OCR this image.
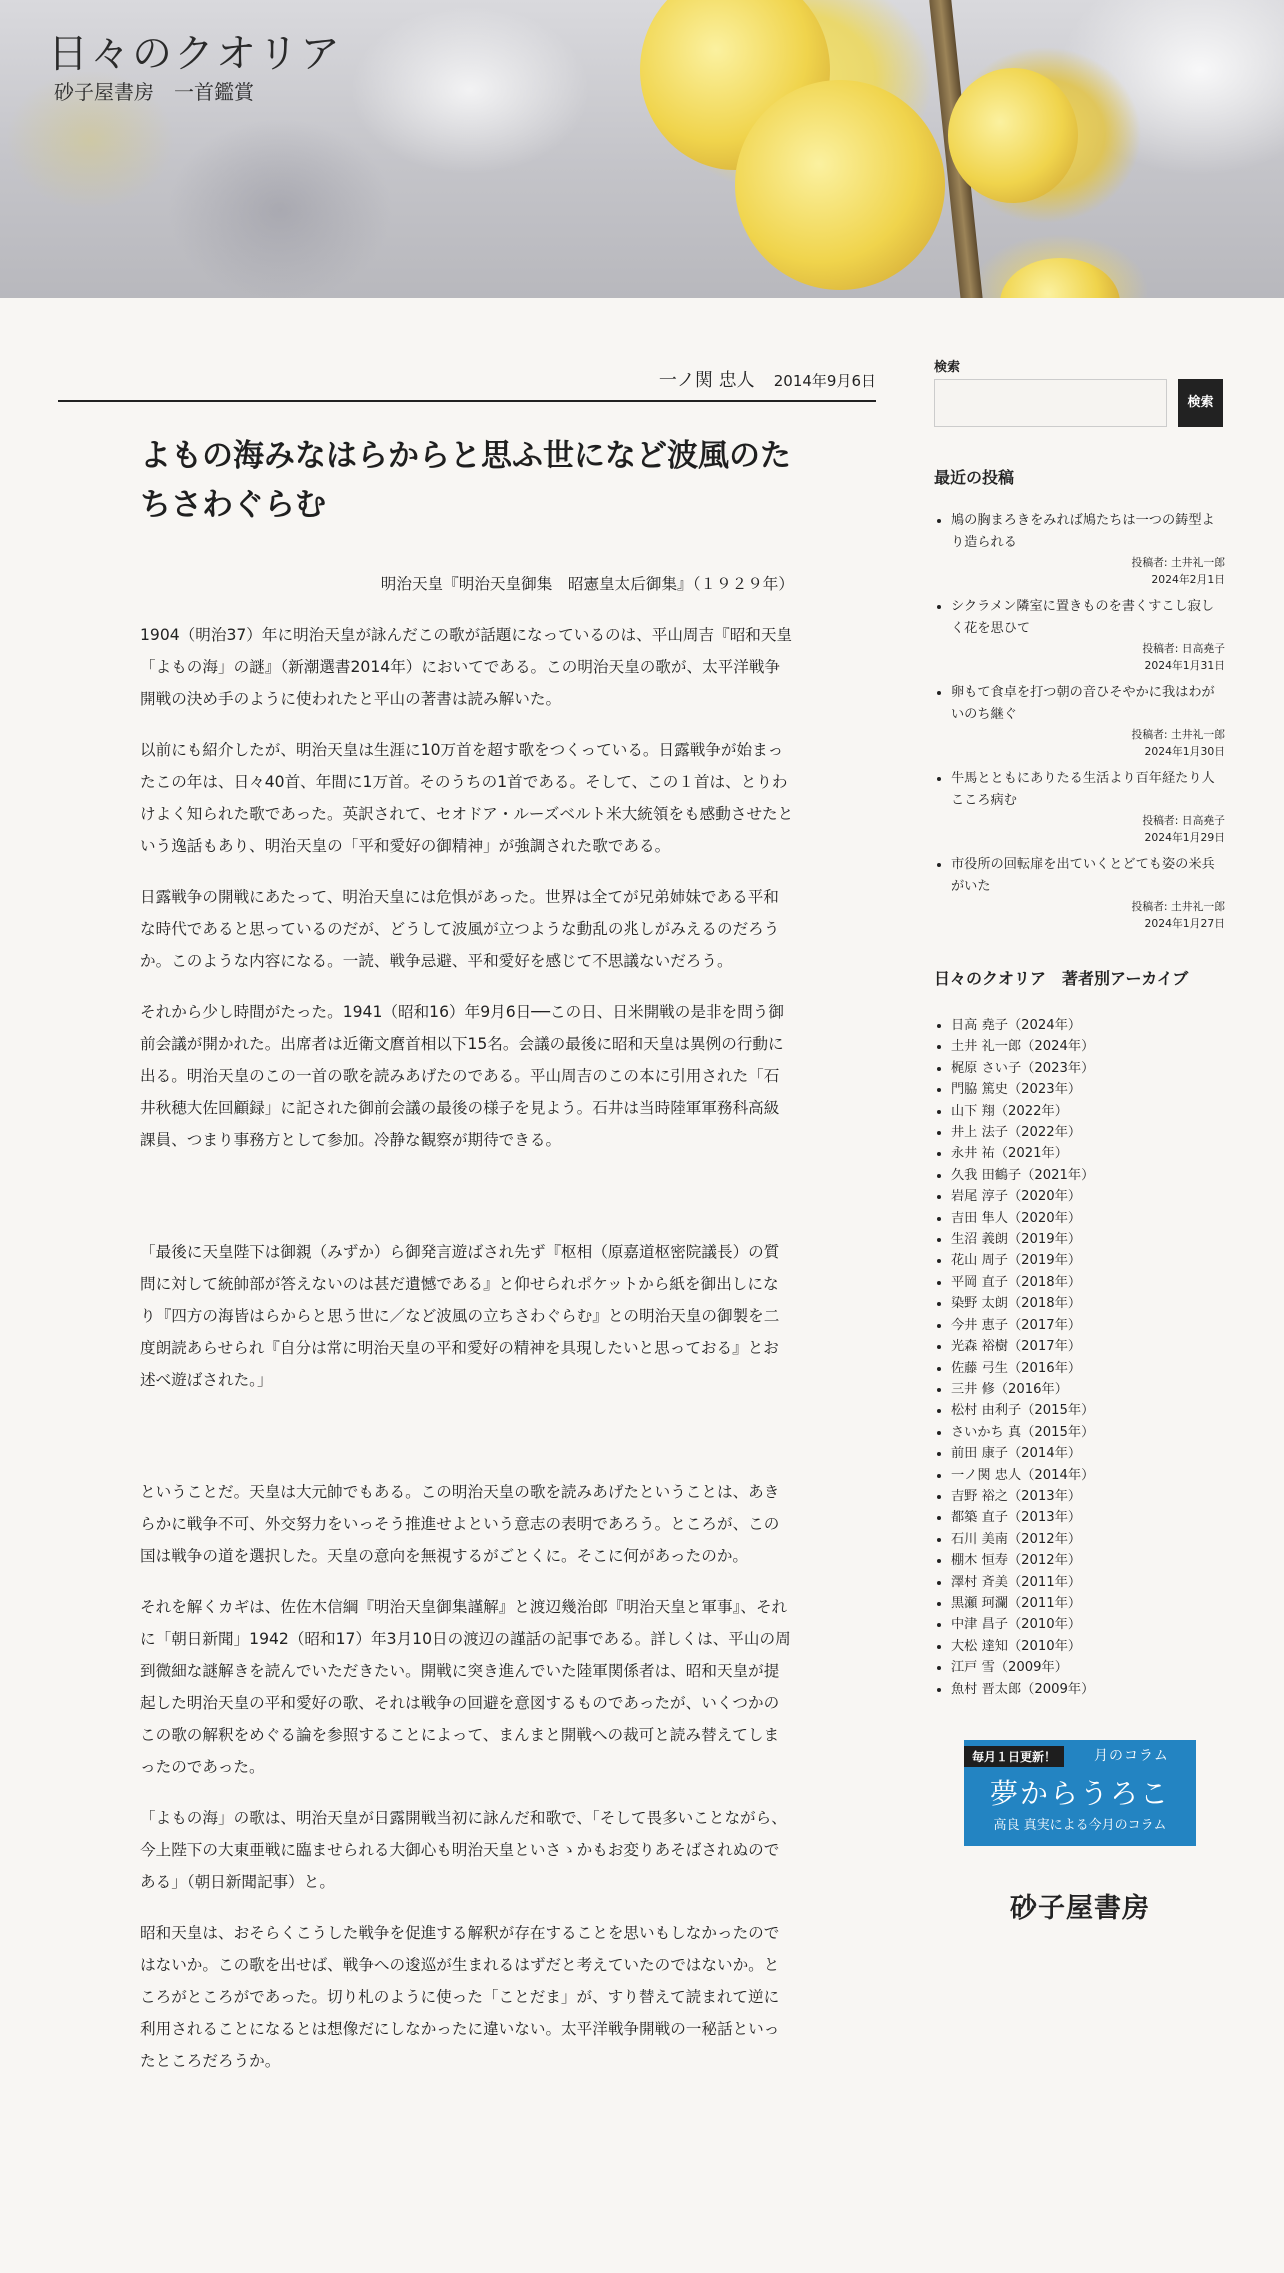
日々のクオリア

砂子屋書房　一首鑑賞

一ノ関 忠人 2014年9月6日
よもの海みなはらからと思ふ世になど波風のたちさわぐらむ

明治天皇『明治天皇御集　昭憲皇太后御集』（１９２９年）

1904（明治37）年に明治天皇が詠んだこの歌が話題になっているのは、平山周吉『昭和天皇「よもの海」の謎』（新潮選書2014年）においてである。この明治天皇の歌が、太平洋戦争開戦の決め手のように使われたと平山の著書は読み解いた。

以前にも紹介したが、明治天皇は生涯に10万首を超す歌をつくっている。日露戦争が始まったこの年は、日々40首、年間に1万首。そのうちの1首である。そして、この１首は、とりわけよく知られた歌であった。英訳されて、セオドア・ルーズベルト米大統領をも感動させたという逸話もあり、明治天皇の「平和愛好の御精神」が強調された歌である。

日露戦争の開戦にあたって、明治天皇には危惧があった。世界は全てが兄弟姉妹である平和な時代であると思っているのだが、どうして波風が立つような動乱の兆しがみえるのだろうか。このような内容になる。一読、戦争忌避、平和愛好を感じて不思議ないだろう。

それから少し時間がたった。1941（昭和16）年9月6日──この日、日米開戦の是非を問う御前会議が開かれた。出席者は近衛文麿首相以下15名。会議の最後に昭和天皇は異例の行動に出る。明治天皇のこの一首の歌を読みあげたのである。平山周吉のこの本に引用された「石井秋穂大佐回顧録」に記された御前会議の最後の様子を見よう。石井は当時陸軍軍務科高級課員、つまり事務方として参加。冷静な観察が期待できる。

「最後に天皇陛下は御親（みずか）ら御発言遊ばされ先ず『枢相（原嘉道枢密院議長）の質問に対して統帥部が答えないのは甚だ遺憾である』と仰せられポケットから紙を御出しになり『四方の海皆はらからと思う世に／など波風の立ちさわぐらむ』との明治天皇の御製を二度朗読あらせられ『自分は常に明治天皇の平和愛好の精神を具現したいと思っておる』とお述べ遊ばされた。」

ということだ。天皇は大元帥でもある。この明治天皇の歌を読みあげたということは、あきらかに戦争不可、外交努力をいっそう推進せよという意志の表明であろう。ところが、この国は戦争の道を選択した。天皇の意向を無視するがごとくに。そこに何があったのか。

それを解くカギは、佐佐木信綱『明治天皇御集謹解』と渡辺幾治郎『明治天皇と軍事』、それに「朝日新聞」1942（昭和17）年3月10日の渡辺の謹話の記事である。詳しくは、平山の周到微細な謎解きを読んでいただきたい。開戦に突き進んでいた陸軍関係者は、昭和天皇が提起した明治天皇の平和愛好の歌、それは戦争の回避を意図するものであったが、いくつかのこの歌の解釈をめぐる論を参照することによって、まんまと開戦への裁可と読み替えてしまったのであった。

「よもの海」の歌は、明治天皇が日露開戦当初に詠んだ和歌で、「そして畏多いことながら、今上陛下の大東亜戦に臨ませられる大御心も明治天皇といさゝかもお変りあそばされぬのである」（朝日新聞記事）と。

昭和天皇は、おそらくこうした戦争を促進する解釈が存在することを思いもしなかったのではないか。この歌を出せば、戦争への逡巡が生まれるはずだと考えていたのではないか。ところがところがであった。切り札のように使った「ことだま」が、すり替えて読まれて逆に利用されることになるとは想像だにしなかったに違いない。太平洋戦争開戦の一秘話といったところだろうか。

検索
検索
最近の投稿
• 鳩の胸まろきをみれば鳩たちは一つの鋳型より造られる
投稿者: 土井礼一郎
2024年2月1日
• シクラメン隣室に置きものを書くすこし寂しく花を思ひて
投稿者: 日高堯子
2024年1月31日
• 卵もて食卓を打つ朝の音ひそやかに我はわがいのち継ぐ
投稿者: 土井礼一郎
2024年1月30日
• 牛馬とともにありたる生活より百年経たり人こころ病む
投稿者: 日高堯子
2024年1月29日
• 市役所の回転扉を出ていくとどても姿の米兵がいた
投稿者: 土井礼一郎
2024年1月27日
日々のクオリア　著者別アーカイブ
• 日高 堯子（2024年）
• 土井 礼一郎（2024年）
• 梶原 さい子（2023年）
• 門脇 篤史（2023年）
• 山下 翔（2022年）
• 井上 法子（2022年）
• 永井 祐（2021年）
• 久我 田鶴子（2021年）
• 岩尾 淳子（2020年）
• 吉田 隼人（2020年）
• 生沼 義朗（2019年）
• 花山 周子（2019年）
• 平岡 直子（2018年）
• 染野 太朗（2018年）
• 今井 恵子（2017年）
• 光森 裕樹（2017年）
• 佐藤 弓生（2016年）
• 三井 修（2016年）
• 松村 由利子（2015年）
• さいかち 真（2015年）
• 前田 康子（2014年）
• 一ノ関 忠人（2014年）
• 吉野 裕之（2013年）
• 都築 直子（2013年）
• 石川 美南（2012年）
• 棚木 恒寿（2012年）
• 澤村 斉美（2011年）
• 黒瀬 珂瀾（2011年）
• 中津 昌子（2010年）
• 大松 達知（2010年）
• 江戸 雪（2009年）
• 魚村 晋太郎（2009年）
毎月１日更新！	月のコラム
夢からうろこ
高良 真実による今月のコラム
砂子屋書房
